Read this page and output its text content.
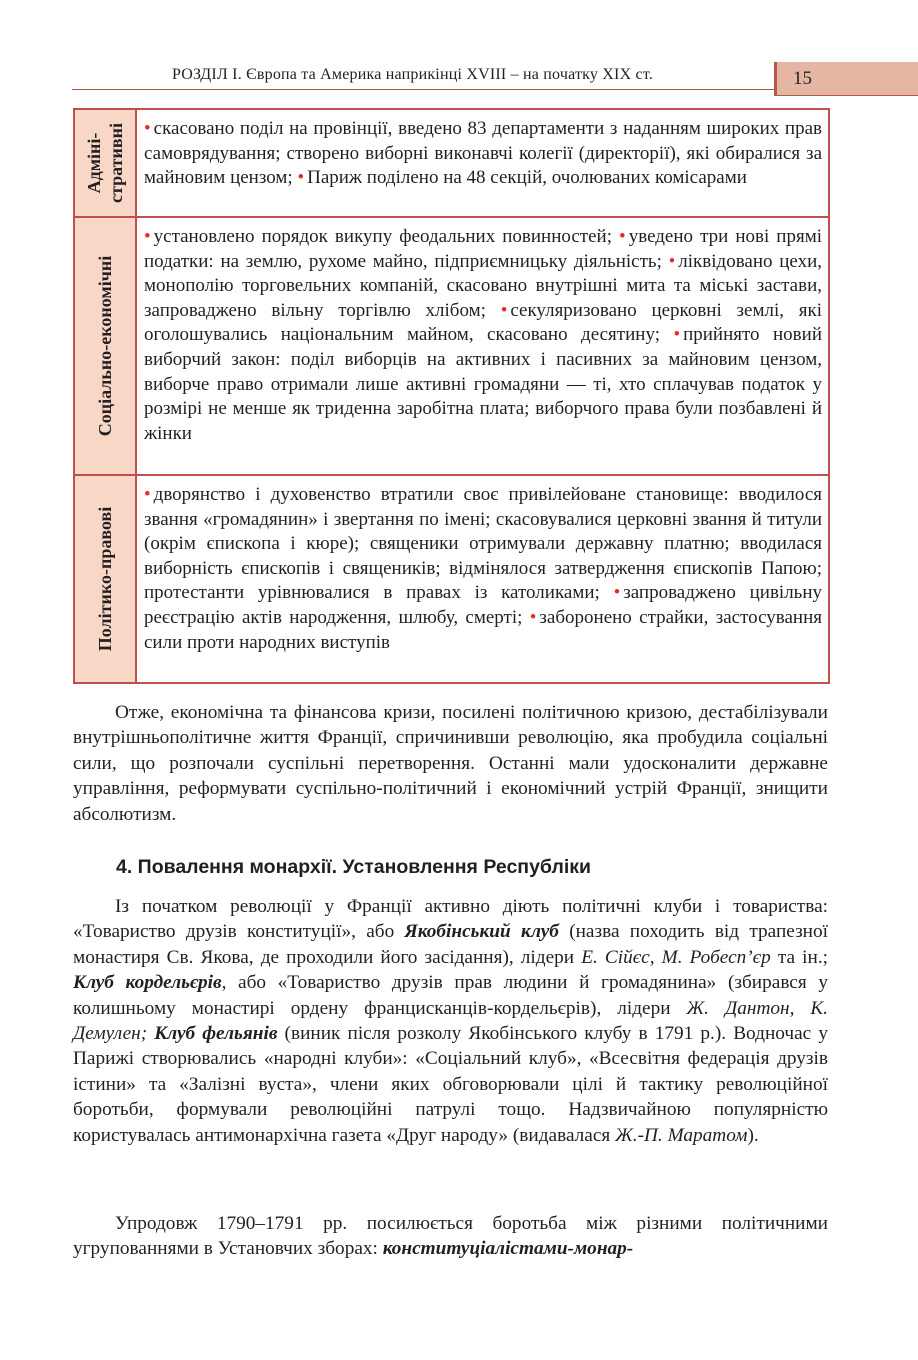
РОЗДІЛ І. Європа та Америка наприкінці XVIII – на початку ХІХ ст.	15
Адміні- стративні	• скасовано поділ на провінції, введено 83 департаменти з наданням широких прав самоврядування; створено виборні виконавчі колегії (директорії), які обиралися за майновим цензом; • Париж поділено на 48 секцій, очолюваних комісарами

Соціально-економічні	• установлено порядок викупу феодальних повинностей; • уведено три нові прямі податки: на землю, рухоме майно, підприємницьку діяльність; • ліквідовано цехи, монополію торговельних компаній, скасовано внутрішні мита та міські застави, запроваджено вільну торгівлю хлібом; • секуляризовано церковні землі, які оголошувались національним майном, скасовано десятину; • прийнято новий виборчий закон: поділ виборців на активних і пасивних за майновим цензом, виборче право отримали лише активні громадяни — ті, хто сплачував податок у розмірі не менше як триденна заробітна плата; виборчого права були позбавлені й жінки

Політико-правові	• дворянство і духовенство втратили своє привілейоване становище: вводилося звання «громадянин» і звертання по імені; скасовувалися церковні звання й титули (окрім єпископа і кюре); священики отримували державну платню; вводилася виборність єпископів і священиків; відмінялося затвердження єпископів Папою; протестанти урівнювалися в правах із католиками; • запроваджено цивільну реєстрацію актів народження, шлюбу, смерті; • заборонено страйки, застосування сили проти народних виступів

Отже, економічна та фінансова кризи, посилені політичною кризою, дестабілізували внутрішньополітичне життя Франції, спричинивши революцію, яка пробудила соціальні сили, що розпочали суспільні перетворення. Останні мали удосконалити державне управління, реформувати суспільно-політичний і економічний устрій Франції, знищити абсолютизм.

4. Повалення монархії. Установлення Республіки

Із початком революції у Франції активно діють політичні клуби і товариства: «Товариство друзів конституції», або Якобінський клуб (назва походить від трапезної монастиря Св. Якова, де проходили його засідання), лідери Е. Сійєс, М. Робесп’єр та ін.; Клуб кордельєрів, або «Товариство друзів прав людини й громадянина» (збирався у колишньому монастирі ордену францисканців-кордельєрів), лідери Ж. Дантон, К. Демулен; Клуб фельянів (виник після розколу Якобінського клубу в 1791 р.). Водночас у Парижі створювались «народні клуби»: «Соціальний клуб», «Всесвітня федерація друзів істини» та «Залізні вуста», члени яких обговорювали цілі й тактику революційної боротьби, формували революційні патрулі тощо. Надзвичайною популярністю користувалась антимонархічна газета «Друг народу» (видавалася Ж.-П. Маратом).

Упродовж 1790–1791 рр. посилюється боротьба між різними політичними угрупованнями в Установчих зборах: конституціалістами-монар-
